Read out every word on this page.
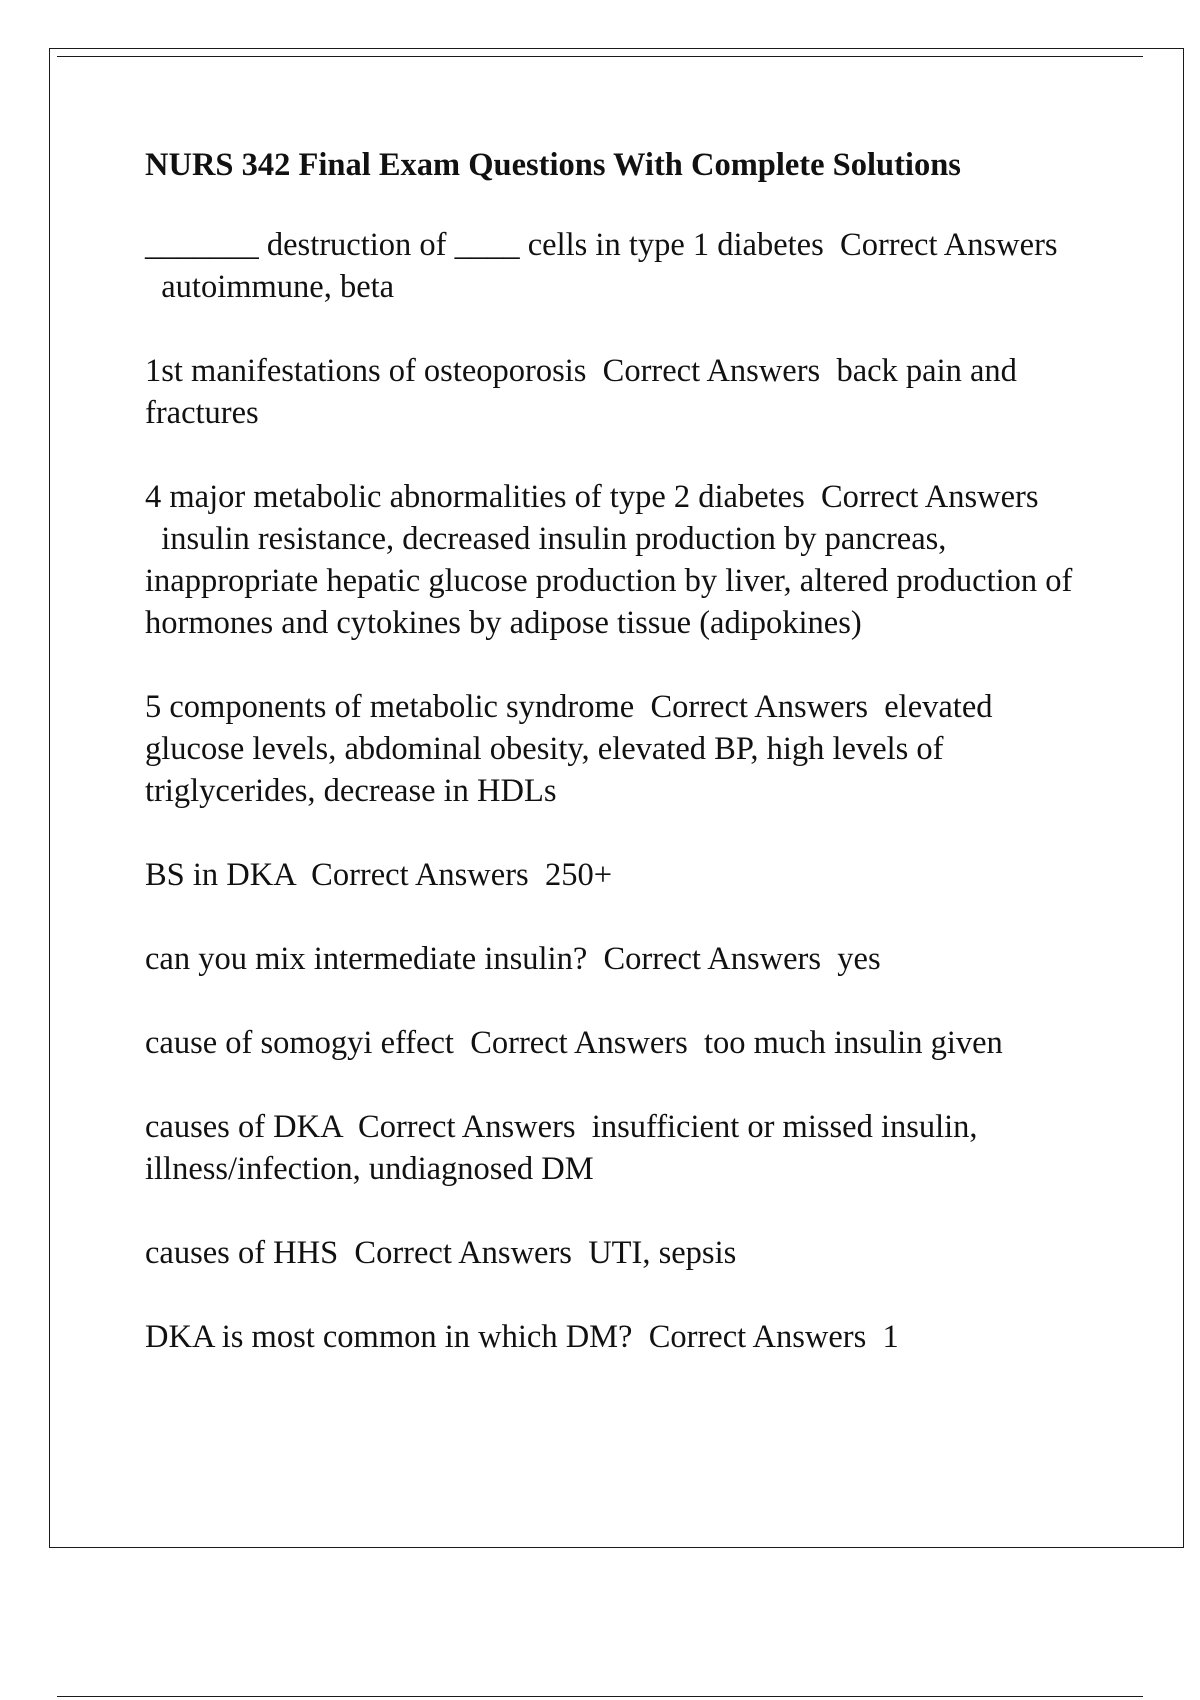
NURS 342 Final Exam Questions With Complete Solutions
_______ destruction of ____ cells in type 1 diabetes Correct Answers  autoimmune, beta
1st manifestations of osteoporosis Correct Answers back pain and fractures
4 major metabolic abnormalities of type 2 diabetes Correct Answers  insulin resistance, decreased insulin production by pancreas, inappropriate hepatic glucose production by liver, altered production of hormones and cytokines by adipose tissue (adipokines)
5 components of metabolic syndrome Correct Answers elevated glucose levels, abdominal obesity, elevated BP, high levels of triglycerides, decrease in HDLs
BS in DKA Correct Answers 250+
can you mix intermediate insulin? Correct Answers yes
cause of somogyi effect Correct Answers too much insulin given
causes of DKA Correct Answers insufficient or missed insulin, illness/infection, undiagnosed DM
causes of HHS Correct Answers UTI, sepsis
DKA is most common in which DM? Correct Answers 1
